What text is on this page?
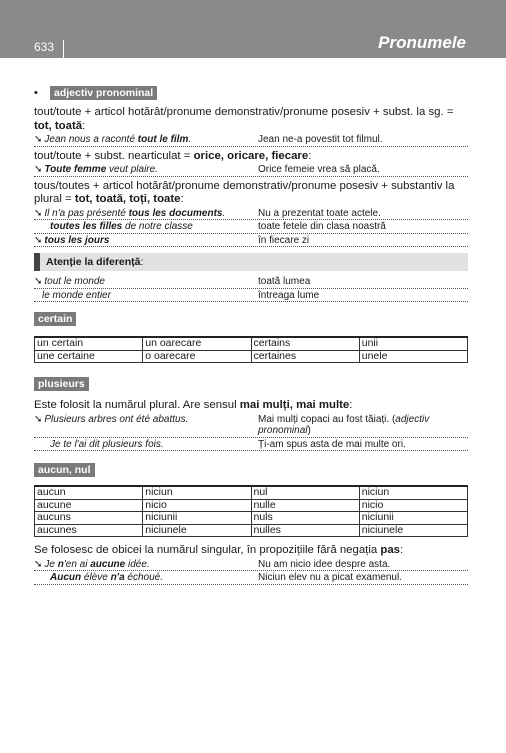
633	Pronumele
•	adjectiv pronominal

tout/toute + articol hotărât/pronume demonstrativ/pronume posesiv + subst. la sg. = tot, toată:

➘ Jean nous a raconté tout le film.	Jean ne-a povestit tot filmul.

tout/toute + subst. nearticulat = orice, oricare, fiecare:

➘ Toute femme veut plaire.	Orice femeie vrea să placă.

tous/toutes + articol hotărât/pronume demonstrativ/pronume posesiv + substantiv la plural = tot, toată, toți, toate:

➘ Il n'a pas présenté tous les documents.	Nu a prezentat toate actele.
toutes les filles de notre classe	toate fetele din clasa noastră
➘ tous les jours	în fiecare zi
Atenție la diferență:
➘ tout le monde	toată lumea
le monde entier	întreaga lume
certain
un certain	un oarecare	certains	unii
une certaine	o oarecare	certaines	unele
plusieurs

Este folosit la numărul plural. Are sensul mai mulți, mai multe:

➘ Plusieurs arbres ont été abattus.	Mai mulți copaci au fost tăiați. (adjectiv pronominal)
Je te l'ai dit plusieurs fois.	Ți-am spus asta de mai multe ori.
aucun, nul
aucun	niciun	nul	niciun
aucune	nicio	nulle	nicio
aucuns	niciunii	nuls	niciunii
aucunes	niciunele	nulles	niciunele

Se folosesc de obicei la numărul singular, în propozițiile fără negația pas:

➘ Je n'en ai aucune idée.	Nu am nicio idee despre asta.
Aucun élève n'a échoué.	Niciun elev nu a picat examenul.
